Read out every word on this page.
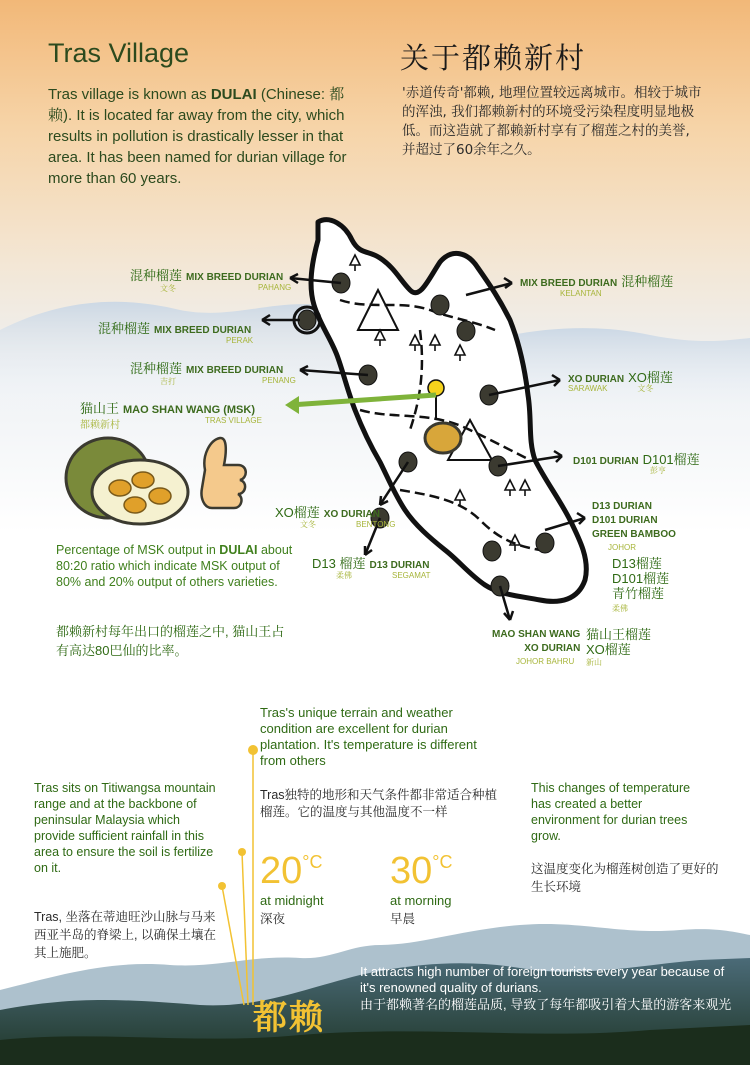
Tras Village	关于都赖新村
Tras village is known as DULAI (Chinese: 都赖). It is located far away from the city, which results in pollution is drastically lesser in that area. It has been named for durian village for more than 60 years.
'赤道传奇'都赖, 地理位置较远离城市。相较于城市的浑浊, 我们都赖新村的环境受污染程度明显地极低。而这造就了都赖新村享有了榴莲之村的美誉, 并超过了60余年之久。
混种榴莲 MIX BREED DURIAN
文冬	PAHANG
混种榴莲 MIX BREED DURIAN
PERAK
混种榴莲 MIX BREED DURIAN
吉打	PENANG
MIX BREED DURIAN 混种榴莲
KELANTAN
猫山王 MAO SHAN WANG (MSK)
都赖新村	TRAS VILLAGE
XO DURIAN XO榴莲
SARAWAK	文冬
D101 DURIAN D101榴莲
彭亨
D13 DURIAN
D101 DURIAN
GREEN BAMBOO
JOHOR
D13榴莲
D101榴莲
青竹榴莲
柔佛
XO榴莲 XO DURIAN
文冬	BENTONG
D13 榴莲 D13 DURIAN
柔佛	SEGAMAT
MAO SHAN WANG
XO DURIAN
JOHOR BAHRU
猫山王榴莲
XO榴莲
新山
Percentage of MSK output in DULAI about 80:20 ratio which indicate MSK output of 80% and 20% output of others varieties.
都赖新村每年出口的榴莲之中, 猫山王占有高达80巴仙的比率。
Tras's unique terrain and weather condition are excellent for durian plantation. It's temperature is different from others
Tras独特的地形和天气条件都非常适合种植榴莲。它的温度与其他温度不一样
$20^{^\circ C}$
at midnight
深夜
$30^{^\circ C}$
at morning
早晨
Tras sits on Titiwangsa mountain range and at the backbone of peninsular Malaysia which provide sufficient rainfall in this area to ensure the soil is fertilize on it.
Tras, 坐落在蒂迪旺沙山脉与马来西亚半岛的脊梁上, 以确保土壤在其上施肥。
This changes of temperature has created a better environment for durian trees grow.
这温度变化为榴莲树创造了更好的生长环境
都赖
It attracts high number of foreign tourists every year because of it's renowned quality of durians.
由于都赖著名的榴莲品质, 导致了每年都吸引着大量的游客来观光
